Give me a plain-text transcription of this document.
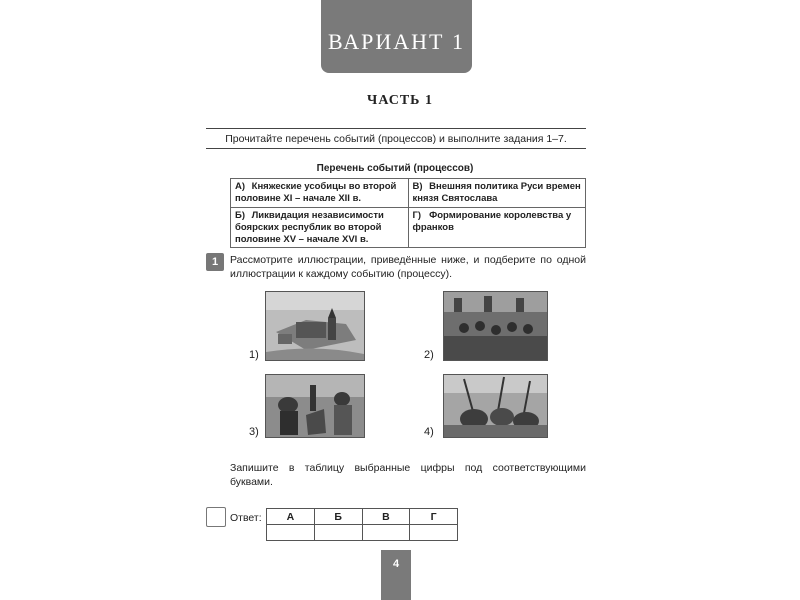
ВАРИАНТ 1
ЧАСТЬ 1
Прочитайте перечень событий (процессов) и выполните задания 1–7.
Перечень событий (процессов)
А) Княжеские усобицы во второй половине XI – начале XII в.	В) Внешняя политика Руси времен князя Святослава
Б) Ликвидация независимости боярских республик во второй половине XV – начале XVI в.	Г) Формирование королевства у франков
1	Рассмотрите иллюстрации, приведённые ниже, и подберите по одной иллюстрации к каждому событию (процессу).
1)	2)
3)	4)
Запишите в таблицу выбранные цифры под соответствующими буквами.
Ответ: А	Б	В	Г

4
